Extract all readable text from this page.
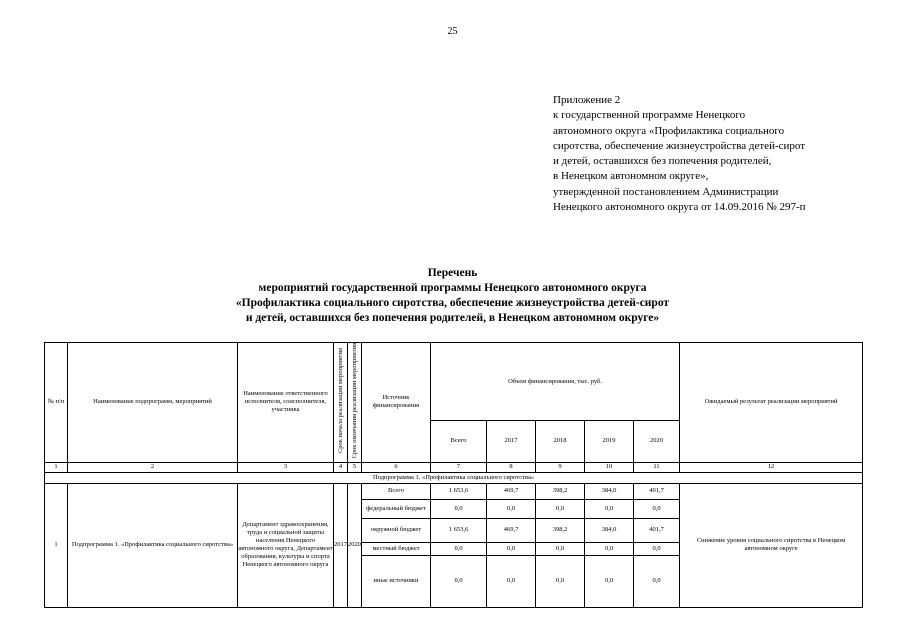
25
Приложение 2
к государственной программе Ненецкого
автономного округа «Профилактика социального
сиротства, обеспечение жизнеустройства детей-сирот
и детей, оставшихся без попечения родителей,
в Ненецком автономном округе»,
утвержденной постановлением Администрации
Ненецкого автономного округа от 14.09.2016 № 297-п
Перечень
мероприятий государственной программы Ненецкого автономного округа
«Профилактика социального сиротства, обеспечение жизнеустройства детей-сирот
и детей, оставшихся без попечения родителей, в Ненецком автономном округе»
№ п/п	Наименование подпрограмм, мероприятий	Наименование ответственного исполнителя, соисполнителя, участника	Срок начала реализации мероприятия	Срок окончания реализации мероприятия	Источник финансирования	Объем финансирования, тыс. руб.					Ожидаемый результат реализации мероприятий
						Всего	2017	2018	2019	2020	
1	2	3	4	5	6	7	8	9	10	11	12
Подпрограмма 1. «Профилактика социального сиротства»											
1	Подпрограмма 1. «Профилактика социального сиротства»	Департамент здравоохранения, труда и социальной защиты населения Ненецкого автономного округа, Департамент образования, культуры и спорта Ненецкого автономного округа	2017	2020	Всего	1 653,6	469,7	398,2	384,0	401,7	Снижение уровня социального сиротства в Ненецком автономном округе
					федеральный бюджет	0,0	0,0	0,0	0,0	0,0	
					окружной бюджет	1 653,6	469,7	398,2	384,0	401,7	
					местный бюджет	0,0	0,0	0,0	0,0	0,0	
					иные источники	0,0	0,0	0,0	0,0	0,0	
